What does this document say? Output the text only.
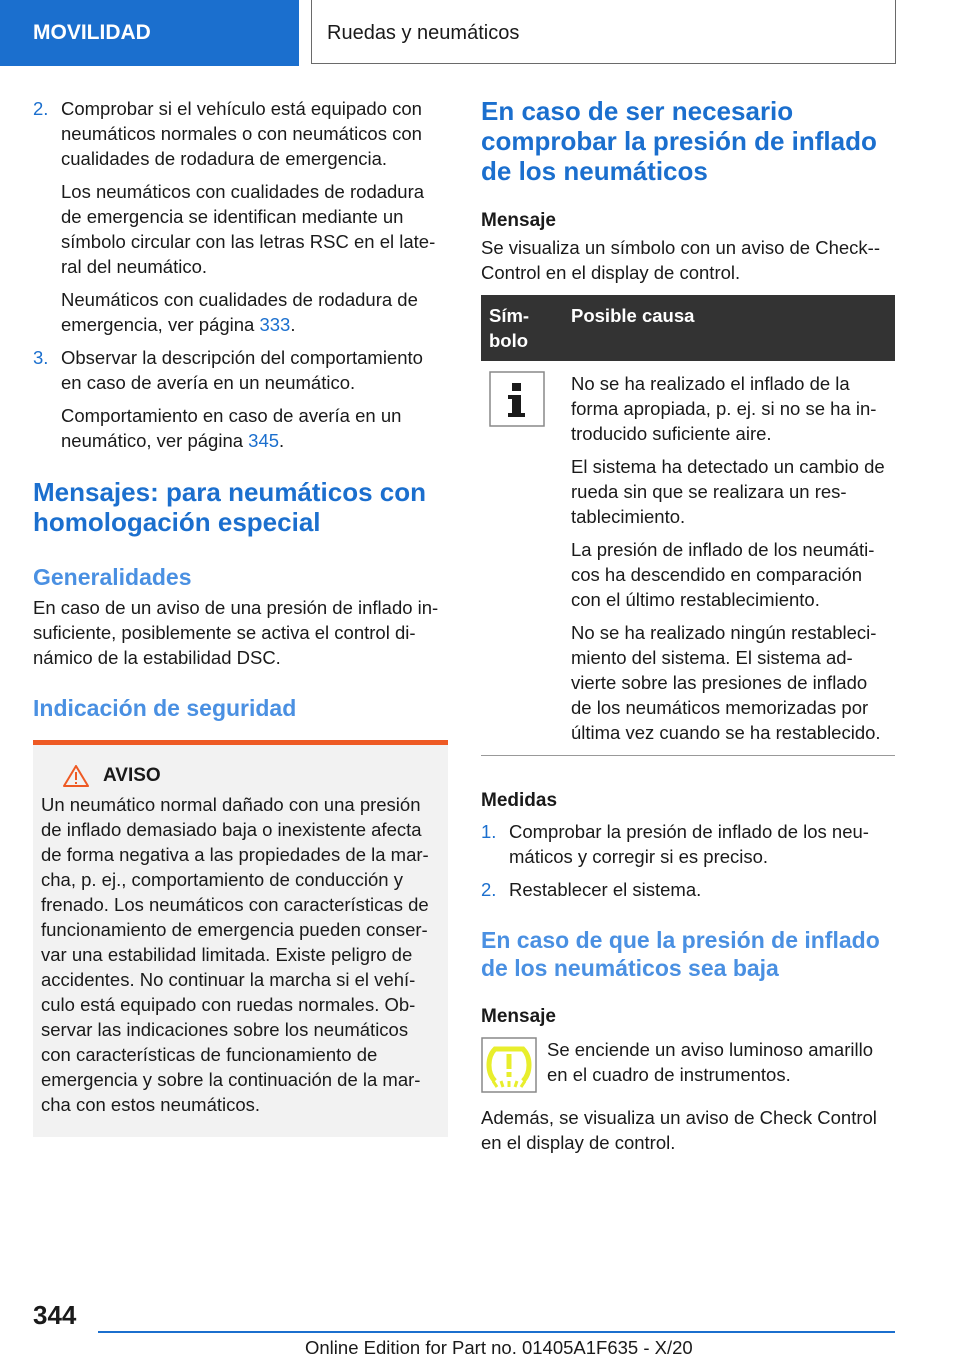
MOVILIDAD	Ruedas y neumáticos
2. Comprobar si el vehículo está equipado con neumáticos normales o con neumáticos con cualidades de rodadura de emergencia.

Los neumáticos con cualidades de rodadura de emergencia se identifican mediante un símbolo circular con las letras RSC en el late‐ral del neumático.

Neumáticos con cualidades de rodadura de emergencia, ver página 333.

3. Observar la descripción del comportamiento en caso de avería en un neumático.

Comportamiento en caso de avería en un neumático, ver página 345.

Mensajes: para neumáticos con homologación especial
Generalidades

En caso de un aviso de una presión de inflado in‐suficiente, posiblemente se activa el control di‐námico de la estabilidad DSC.

Indicación de seguridad
AVISO

Un neumático normal dañado con una presión de inflado demasiado baja o inexistente afecta de forma negativa a las propiedades de la mar‐cha, p. ej., comportamiento de conducción y frenado. Los neumáticos con características de funcionamiento de emergencia pueden conser‐var una estabilidad limitada. Existe peligro de accidentes. No continuar la marcha si el vehí‐culo está equipado con ruedas normales. Ob‐servar las indicaciones sobre los neumáticos con características de funcionamiento de emergencia y sobre la continuación de la mar‐cha con estos neumáticos.

En caso de ser necesario comprobar la presión de inflado de los neumáticos
Mensaje

Se visualiza un símbolo con un aviso de Check-‐Control en el display de control.

Sím‐bolo	Posible causa

No se ha realizado el inflado de la forma apropiada, p. ej. si no se ha in‐troducido suficiente aire.

El sistema ha detectado un cambio de rueda sin que se realizara un res‐tablecimiento.

La presión de inflado de los neumáti‐cos ha descendido en comparación con el último restablecimiento.

No se ha realizado ningún restableci‐miento del sistema. El sistema ad‐vierte sobre las presiones de inflado de los neumáticos memorizadas por última vez cuando se ha restablecido.

Medidas
1. Comprobar la presión de inflado de los neu‐máticos y corregir si es preciso.

2. Restablecer el sistema.

En caso de que la presión de inflado de los neumáticos sea baja
Mensaje

Se enciende un aviso luminoso amarillo en el cuadro de instrumentos.

Además, se visualiza un aviso de Check Control en el display de control.

344
Online Edition for Part no. 01405A1F635 - X/20
